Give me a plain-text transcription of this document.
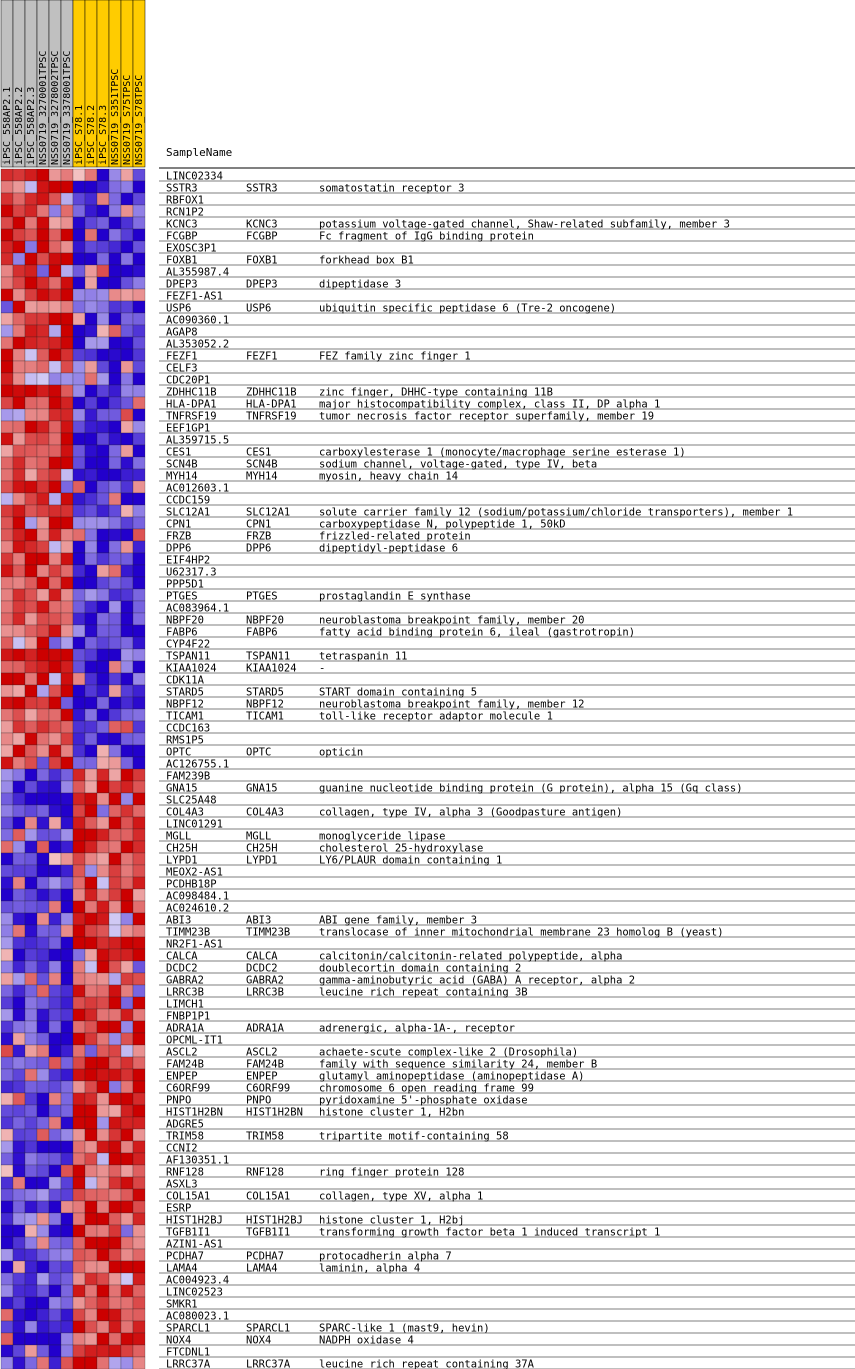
iPSC_558AP2.1 iPSC_558AP2.2 iPSC_558AP2.3 NSS0719_3270001TPSC NSS0719_3278002TPSC NSS0719_3378001TPSC iPSC_S78.1 iPSC_S78.2 iPSC_S78.3 NSS0719_S351TPSC NSS0719_S75TPSC NSS0719_S78TPSC SampleName
LINC02334
SSTR3	SSTR3	somatostatin receptor 3
RBFOX1
RCN1P2
KCNC3	KCNC3	potassium voltage-gated channel, Shaw-related subfamily, member 3
FCGBP	FCGBP	Fc fragment of IgG binding protein
EXOSC3P1
FOXB1	FOXB1	forkhead box B1
AL355987.4
DPEP3	DPEP3	dipeptidase 3
FEZF1-AS1
USP6	USP6	ubiquitin specific peptidase 6 (Tre-2 oncogene)
AC090360.1
AGAP8
AL353052.2
FEZF1	FEZF1	FEZ family zinc finger 1
CELF3
CDC20P1
ZDHHC11B	ZDHHC11B zinc finger, DHHC-type containing 11B
HLA-DPA1	HLA-DPA1 major histocompatibility complex, class II, DP alpha 1
TNFRSF19	TNFRSF19 tumor necrosis factor receptor superfamily, member 19
EEF1GP1
AL359715.5
CES1	CES1	carboxylesterase 1 (monocyte/macrophage serine esterase 1)
SCN4B	SCN4B	sodium channel, voltage-gated, type IV, beta
MYH14	MYH14	myosin, heavy chain 14
AC012603.1
CCDC159
SLC12A1	SLC12A1	solute carrier family 12 (sodium/potassium/chloride transporters), member 1
CPN1	CPN1	carboxypeptidase N, polypeptide 1, 50kD
FRZB	FRZB	frizzled-related protein
DPP6	DPP6	dipeptidyl-peptidase 6
EIF4HP2
U62317.3
PPP5D1
PTGES	PTGES	prostaglandin E synthase
AC083964.1
NBPF20	NBPF20	neuroblastoma breakpoint family, member 20
FABP6	FABP6	fatty acid binding protein 6, ileal (gastrotropin)
CYP4F22
TSPAN11	TSPAN11	tetraspanin 11
KIAA1024	KIAA1024 -
CDK11A
STARD5	STARD5	START domain containing 5
NBPF12	NBPF12	neuroblastoma breakpoint family, member 12
TICAM1	TICAM1	toll-like receptor adaptor molecule 1
CCDC163
RMS1P5
OPTC	OPTC	opticin
AC126755.1
FAM239B
GNA15	GNA15	guanine nucleotide binding protein (G protein), alpha 15 (Gq class)
SLC25A48
COL4A3	COL4A3	collagen, type IV, alpha 3 (Goodpasture antigen)
LINC01291
MGLL	MGLL	monoglyceride lipase
CH25H	CH25H	cholesterol 25-hydroxylase
LYPD1	LYPD1	LY6/PLAUR domain containing 1
MEOX2-AS1
PCDHB18P
AC098484.1
AC024610.2
ABI3	ABI3	ABI gene family, member 3
TIMM23B	TIMM23B	translocase of inner mitochondrial membrane 23 homolog B (yeast)
NR2F1-AS1
CALCA	CALCA	calcitonin/calcitonin-related polypeptide, alpha
DCDC2	DCDC2	doublecortin domain containing 2
GABRA2	GABRA2	gamma-aminobutyric acid (GABA) A receptor, alpha 2
LRRC3B	LRRC3B	leucine rich repeat containing 3B
LIMCH1
FNBP1P1
ADRA1A	ADRA1A	adrenergic, alpha-1A-, receptor
OPCML-IT1
ASCL2	ASCL2	achaete-scute complex-like 2 (Drosophila)
FAM24B	FAM24B	family with sequence similarity 24, member B
ENPEP	ENPEP	glutamyl aminopeptidase (aminopeptidase A)
C6ORF99	C6ORF99	chromosome 6 open reading frame 99
PNPO	PNPO	pyridoxamine 5'-phosphate oxidase
HIST1H2BN HIST1H2BN histone cluster 1, H2bn
ADGRE5
TRIM58	TRIM58	tripartite motif-containing 58
CCNI2
AF130351.1
RNF128	RNF128	ring finger protein 128
ASXL3
COL15A1	COL15A1	collagen, type XV, alpha 1
ESRP
HIST1H2BJ HIST1H2BJ histone cluster 1, H2bj
TGFB1I1	TGFB1I1	transforming growth factor beta 1 induced transcript 1
AZIN1-AS1
PCDHA7	PCDHA7	protocadherin alpha 7
LAMA4	LAMA4	laminin, alpha 4
AC004923.4
LINC02523
SMKR1
AC080023.1
SPARCL1	SPARCL1	SPARC-like 1 (mast9, hevin)
NOX4	NOX4	NADPH oxidase 4
FTCDNL1
LRRC37A	LRRC37A	leucine rich repeat containing 37A
